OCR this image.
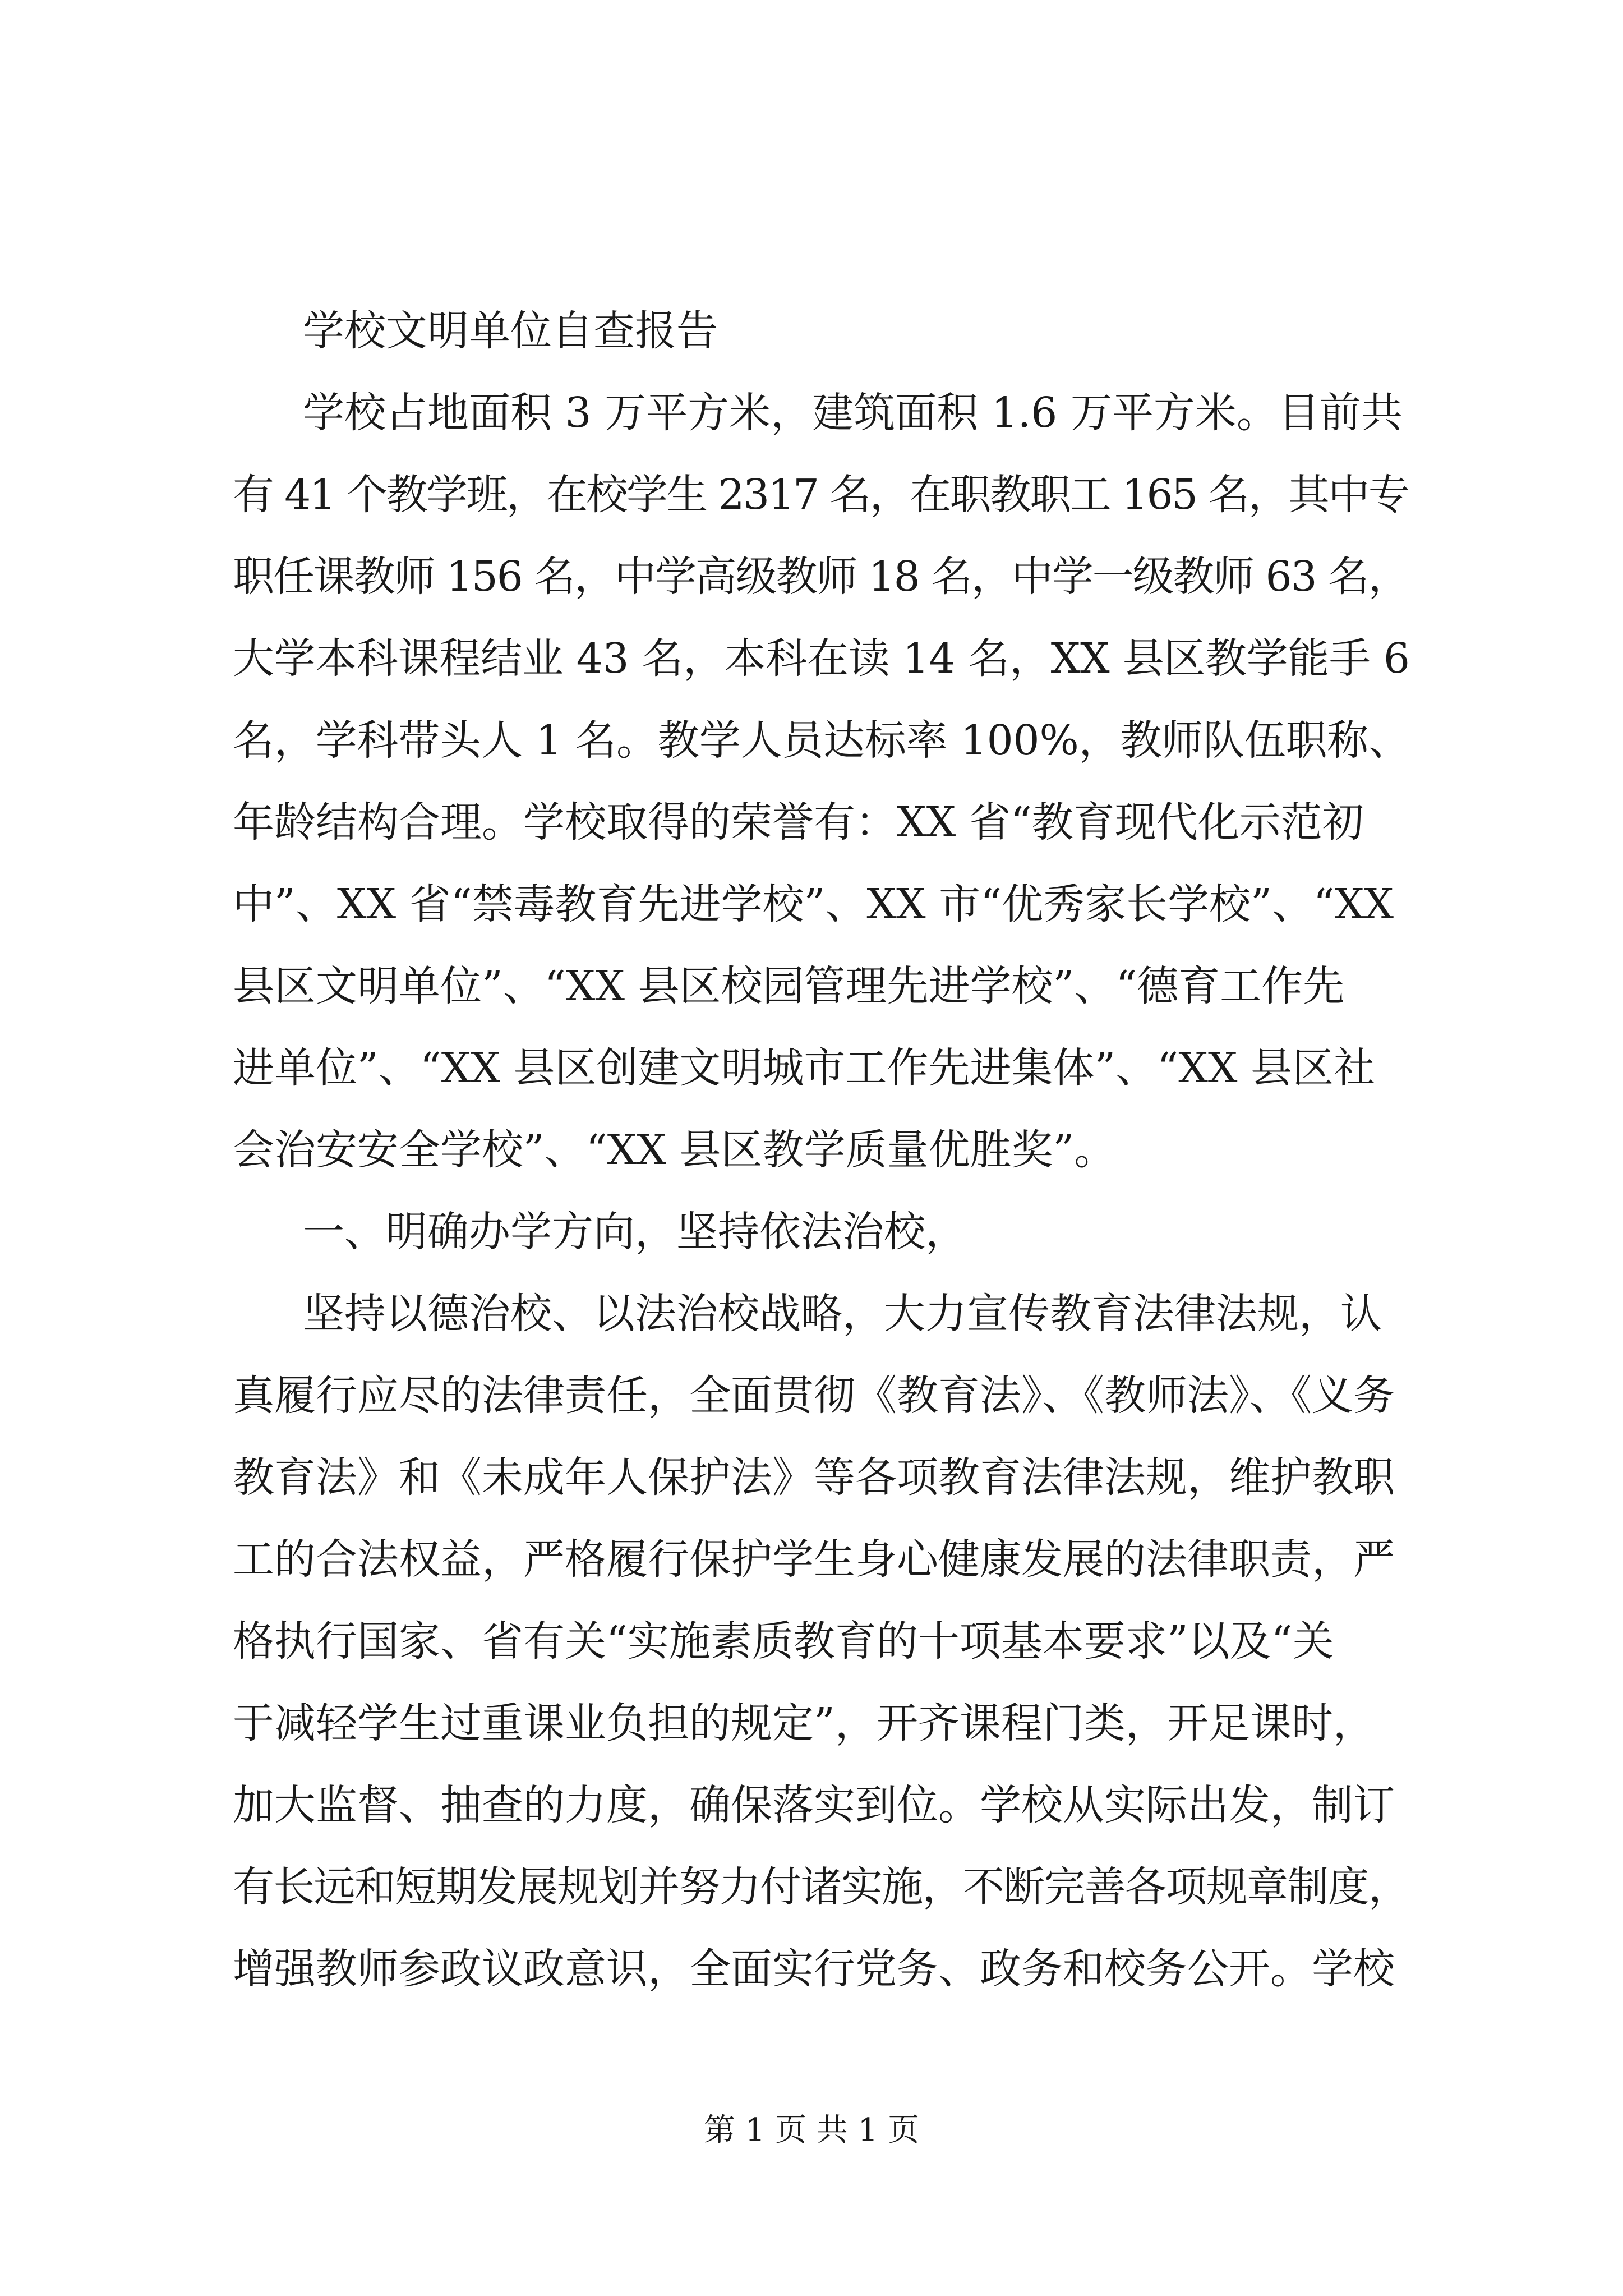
学校文明单位自查报告
学校占地面积 3 万平方米，建筑面积 1.6 万平方米。目前共
有 41 个教学班，在校学生 2317 名，在职教职工 165 名，其中专
职任课教师 156 名，中学高级教师 18 名，中学一级教师 63 名，
大学本科课程结业 43 名，本科在读 14 名，XX 县区教学能手 6
名，学科带头人 1 名。教学人员达标率 100%，教师队伍职称、
年龄结构合理。学校取得的荣誉有：XX 省“教育现代化示范初
中”、XX 省“禁毒教育先进学校”、XX 市“优秀家长学校”、“XX
县区文明单位”、“XX 县区校园管理先进学校”、“德育工作先
进单位”、“XX 县区创建文明城市工作先进集体”、“XX 县区社
会治安安全学校”、“XX 县区教学质量优胜奖”。
一、明确办学方向，坚持依法治校，
坚持以德治校、以法治校战略，大力宣传教育法律法规，认
真履行应尽的法律责任，全面贯彻《教育法》、《教师法》、《义务
教育法》和《未成年人保护法》等各项教育法律法规，维护教职
工的合法权益，严格履行保护学生身心健康发展的法律职责，严
格执行国家、省有关“实施素质教育的十项基本要求”以及“关
于减轻学生过重课业负担的规定”，开齐课程门类，开足课时，
加大监督、抽查的力度，确保落实到位。学校从实际出发，制订
有长远和短期发展规划并努力付诸实施，不断完善各项规章制度，
增强教师参政议政意识，全面实行党务、政务和校务公开。学校
第 1 页 共 1 页
